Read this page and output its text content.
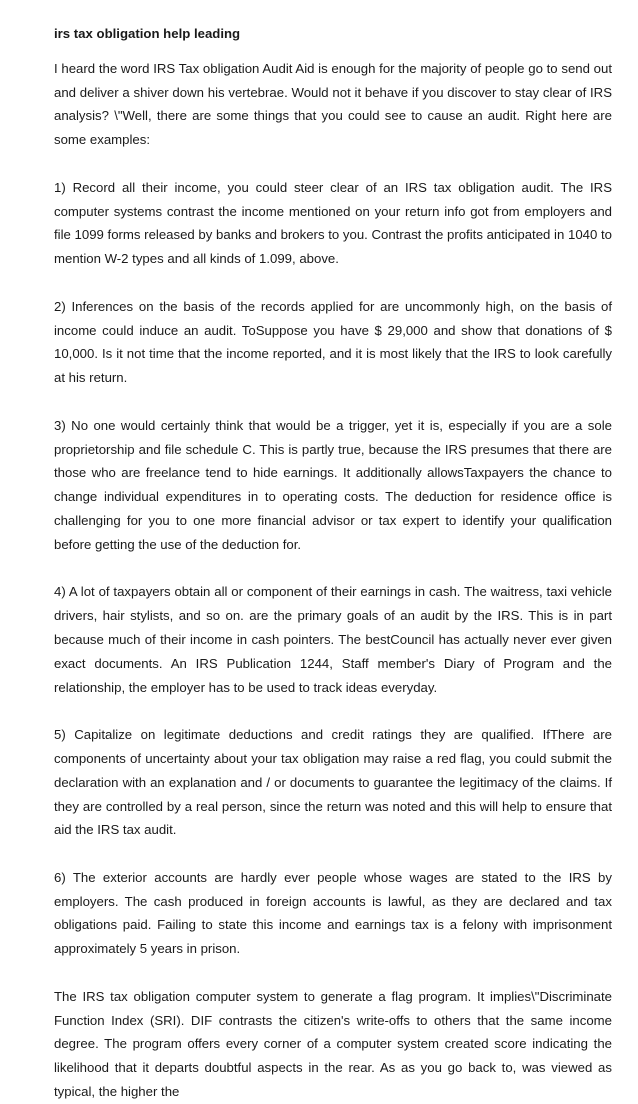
irs tax obligation help leading

I heard the word IRS Tax obligation Audit Aid is enough for the majority of people go to send out and deliver a shiver down his vertebrae. Would not it behave if you discover to stay clear of IRS analysis? \"Well, there are some things that you could see to cause an audit. Right here are some examples:

1) Record all their income, you could steer clear of an IRS tax obligation audit. The IRS computer systems contrast the income mentioned on your return info got from employers and file 1099 forms released by banks and brokers to you. Contrast the profits anticipated in 1040 to mention W-2 types and all kinds of 1.099, above.

2) Inferences on the basis of the records applied for are uncommonly high, on the basis of income could induce an audit. ToSuppose you have $ 29,000 and show that donations of $ 10,000. Is it not time that the income reported, and it is most likely that the IRS to look carefully at his return.

3) No one would certainly think that would be a trigger, yet it is, especially if you are a sole proprietorship and file schedule C. This is partly true, because the IRS presumes that there are those who are freelance tend to hide earnings. It additionally allowsTaxpayers the chance to change individual expenditures in to operating costs. The deduction for residence office is challenging for you to one more financial advisor or tax expert to identify your qualification before getting the use of the deduction for.

4) A lot of taxpayers obtain all or component of their earnings in cash. The waitress, taxi vehicle drivers, hair stylists, and so on. are the primary goals of an audit by the IRS. This is in part because much of their income in cash pointers. The bestCouncil has actually never ever given exact documents. An IRS Publication 1244, Staff member's Diary of Program and the relationship, the employer has to be used to track ideas everyday.

5) Capitalize on legitimate deductions and credit ratings they are qualified. IfThere are components of uncertainty about your tax obligation may raise a red flag, you could submit the declaration with an explanation and / or documents to guarantee the legitimacy of the claims. If they are controlled by a real person, since the return was noted and this will help to ensure that aid the IRS tax audit.

6) The exterior accounts are hardly ever people whose wages are stated to the IRS by employers. The cash produced in foreign accounts is lawful, as they are declared and tax obligations paid. Failing to state this income and earnings tax is a felony with imprisonment approximately 5 years in prison.

The IRS tax obligation computer system to generate a flag program. It implies\"Discriminate Function Index (SRI). DIF contrasts the citizen's write-offs to others that the same income degree. The program offers every corner of a computer system created score indicating the likelihood that it departs doubtful aspects in the rear. As as you go back to, was viewed as typical, the higher the
